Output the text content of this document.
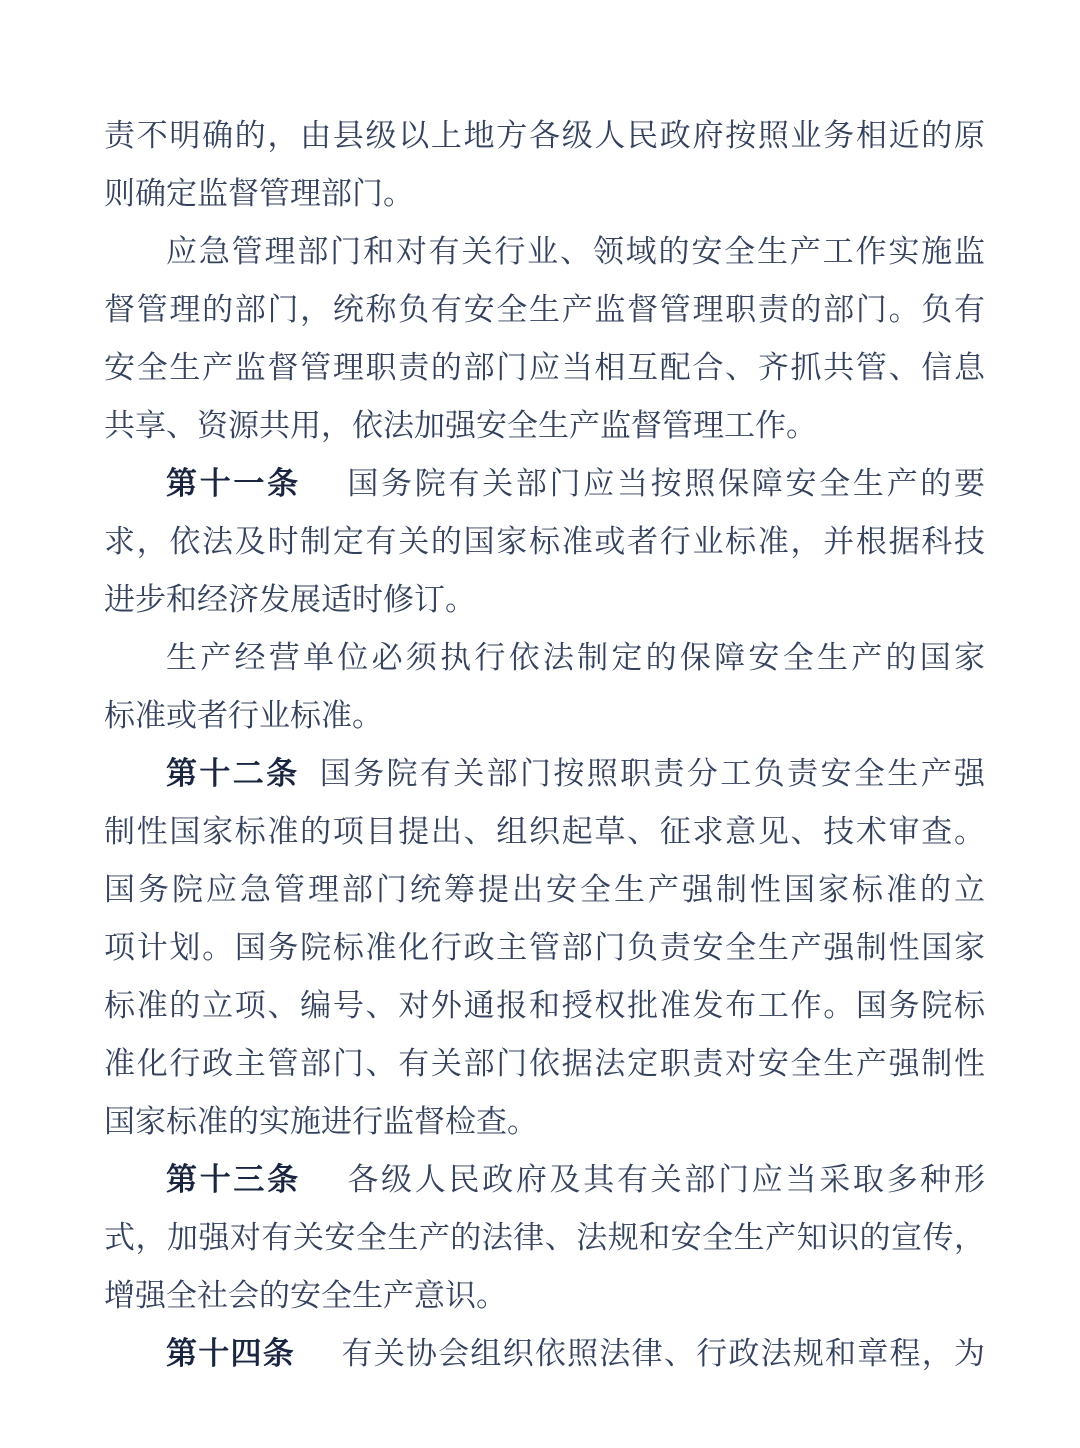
责不明确的，由县级以上地方各级人民政府按照业务相近的原
则确定监督管理部门。
应急管理部门和对有关行业、领域的安全生产工作实施监
督管理的部门，统称负有安全生产监督管理职责的部门。负有
安全生产监督管理职责的部门应当相互配合、齐抓共管、信息
共享、资源共用，依法加强安全生产监督管理工作。
第十一条 国务院有关部门应当按照保障安全生产的要
求，依法及时制定有关的国家标准或者行业标准，并根据科技
进步和经济发展适时修订。
生产经营单位必须执行依法制定的保障安全生产的国家
标准或者行业标准。
第十二条 国务院有关部门按照职责分工负责安全生产强
制性国家标准的项目提出、组织起草、征求意见、技术审查。
国务院应急管理部门统筹提出安全生产强制性国家标准的立
项计划。国务院标准化行政主管部门负责安全生产强制性国家
标准的立项、编号、对外通报和授权批准发布工作。国务院标
准化行政主管部门、有关部门依据法定职责对安全生产强制性
国家标准的实施进行监督检查。
第十三条 各级人民政府及其有关部门应当采取多种形
式，加强对有关安全生产的法律、法规和安全生产知识的宣传，
增强全社会的安全生产意识。
第十四条 有关协会组织依照法律、行政法规和章程，为
